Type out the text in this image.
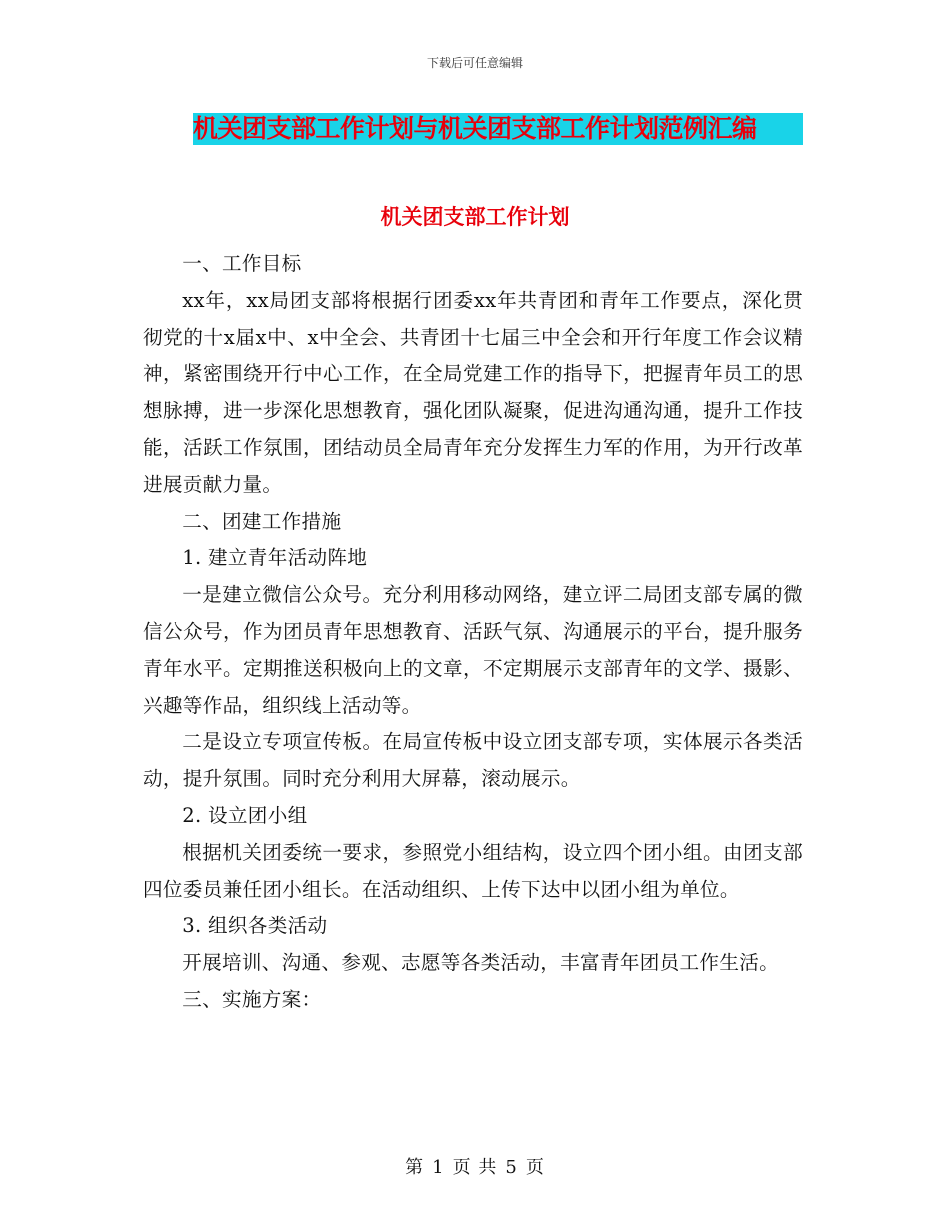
下载后可任意编辑
机关团支部工作计划与机关团支部工作计划范例汇编
机关团支部工作计划

一、工作目标

xx年，xx局团支部将根据行团委xx年共青团和青年工作要点，深化贯彻党的十x届x中、x中全会、共青团十七届三中全会和开行年度工作会议精神，紧密围绕开行中心工作，在全局党建工作的指导下，把握青年员工的思想脉搏，进一步深化思想教育，强化团队凝聚，促进沟通沟通，提升工作技能，活跃工作氛围，团结动员全局青年充分发挥生力军的作用，为开行改革进展贡献力量。

二、团建工作措施

1. 建立青年活动阵地

一是建立微信公众号。充分利用移动网络，建立评二局团支部专属的微信公众号，作为团员青年思想教育、活跃气氛、沟通展示的平台，提升服务青年水平。定期推送积极向上的文章，不定期展示支部青年的文学、摄影、兴趣等作品，组织线上活动等。

二是设立专项宣传板。在局宣传板中设立团支部专项，实体展示各类活动，提升氛围。同时充分利用大屏幕，滚动展示。

2. 设立团小组

根据机关团委统一要求，参照党小组结构，设立四个团小组。由团支部四位委员兼任团小组长。在活动组织、上传下达中以团小组为单位。

3. 组织各类活动

开展培训、沟通、参观、志愿等各类活动，丰富青年团员工作生活。

三、实施方案：

第 1 页 共 5 页
